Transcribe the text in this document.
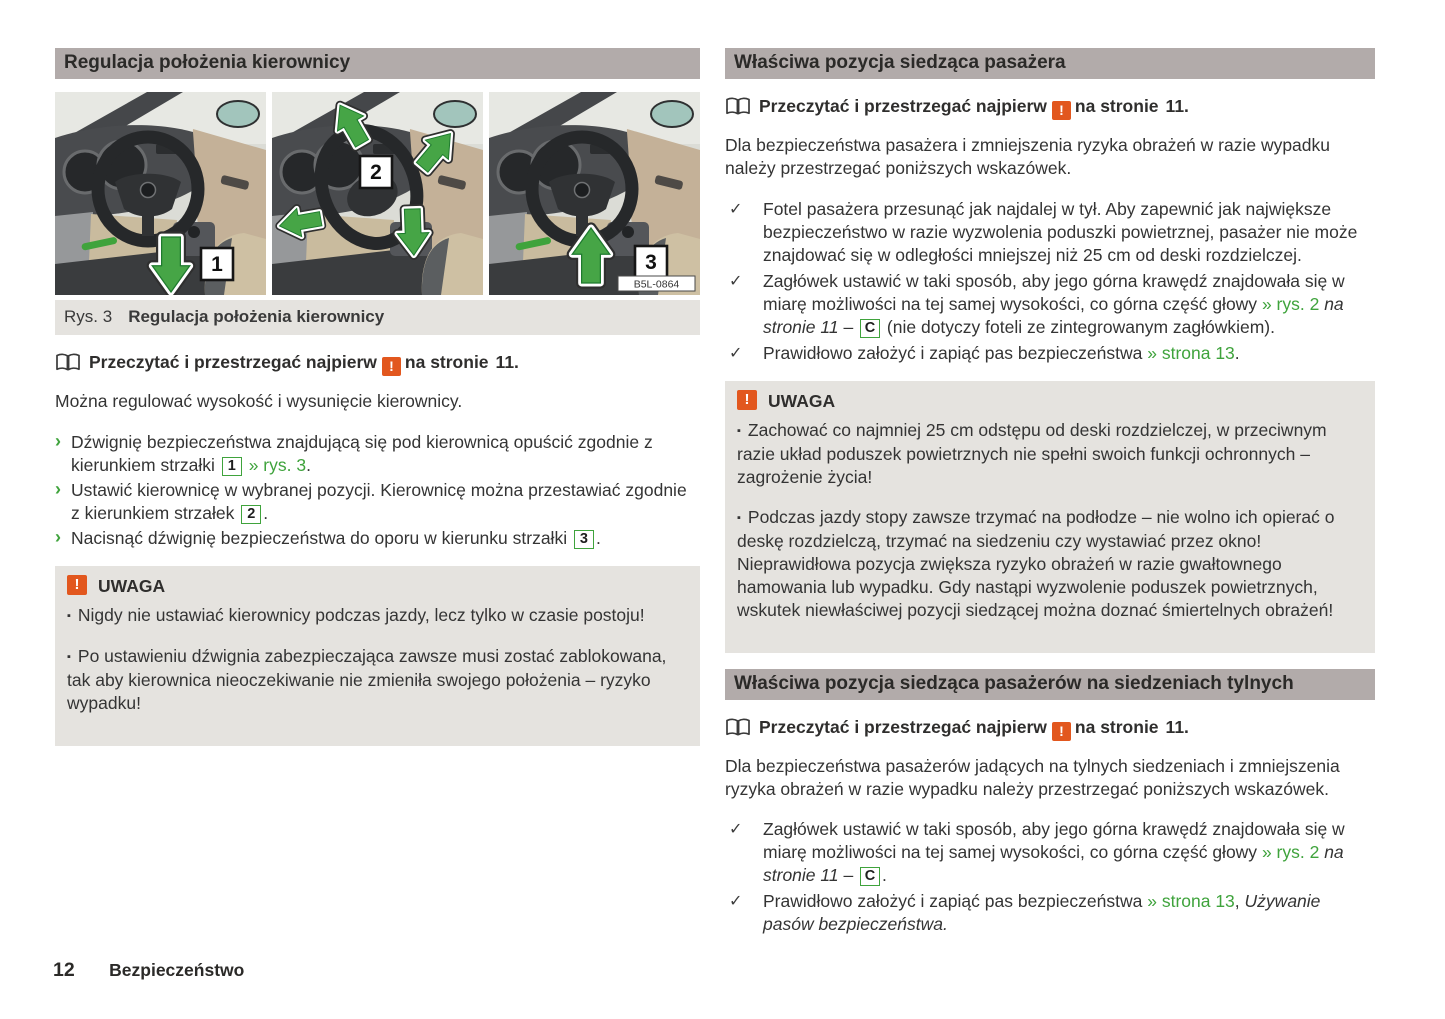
Regulacja położenia kierownicy
1
2
3
B5L-0864
Rys. 3 Regulacja położenia kierownicy
Przeczytać i przestrzegać najpierw ! na stronie 11.

Można regulować wysokość i wysunięcie kierownicy.

› Dźwignię bezpieczeństwa znajdującą się pod kierownicą opuścić zgodnie z kierunkiem strzałki 1 » rys. 3.
› Ustawić kierownicę w wybranej pozycji. Kierownicę można przestawiać zgodnie z kierunkiem strzałek 2 .
› Nacisnąć dźwignię bezpieczeństwa do oporu w kierunku strzałki 3 .
!	UWAGA

▪ Nigdy nie ustawiać kierownicy podczas jazdy, lecz tylko w czasie postoju!

▪ Po ustawieniu dźwignia zabezpieczająca zawsze musi zostać zablokowana, tak aby kierownica nieoczekiwanie nie zmieniła swojego położenia – ryzyko wypadku!

Właściwa pozycja siedząca pasażera
Przeczytać i przestrzegać najpierw ! na stronie 11.

Dla bezpieczeństwa pasażera i zmniejszenia ryzyka obrażeń w razie wypadku należy przestrzegać poniższych wskazówek.

✓ Fotel pasażera przesunąć jak najdalej w tył. Aby zapewnić jak największe bezpieczeństwo w razie wyzwolenia poduszki powietrznej, pasażer nie może znajdować się w odległości mniejszej niż 25 cm od deski rozdzielczej.
✓ Zagłówek ustawić w taki sposób, aby jego górna krawędź znajdowała się w miarę możliwości na tej samej wysokości, co górna część głowy » rys. 2 na stronie 11 – C (nie dotyczy foteli ze zintegrowanym zagłówkiem).
✓ Prawidłowo założyć i zapiąć pas bezpieczeństwa » strona 13.
!	UWAGA

▪ Zachować co najmniej 25 cm odstępu od deski rozdzielczej, w przeciwnym razie układ poduszek powietrznych nie spełni swoich funkcji ochronnych – zagrożenie życia!

▪ Podczas jazdy stopy zawsze trzymać na podłodze – nie wolno ich opierać o deskę rozdzielczą, trzymać na siedzeniu czy wystawiać przez okno! Nieprawidłowa pozycja zwiększa ryzyko obrażeń w razie gwałtownego hamowania lub wypadku. Gdy nastąpi wyzwolenie poduszek powietrznych, wskutek niewłaściwej pozycji siedzącej można doznać śmiertelnych obrażeń!

Właściwa pozycja siedząca pasażerów na siedzeniach tylnych
Przeczytać i przestrzegać najpierw ! na stronie 11.

Dla bezpieczeństwa pasażerów jadących na tylnych siedzeniach i zmniejszenia ryzyka obrażeń w razie wypadku należy przestrzegać poniższych wskazówek.

✓ Zagłówek ustawić w taki sposób, aby jego górna krawędź znajdowała się w miarę możliwości na tej samej wysokości, co górna część głowy » rys. 2 na stronie 11 – C .
✓ Prawidłowo założyć i zapiąć pas bezpieczeństwa » strona 13, Używanie pasów bezpieczeństwa.
12 Bezpieczeństwo
